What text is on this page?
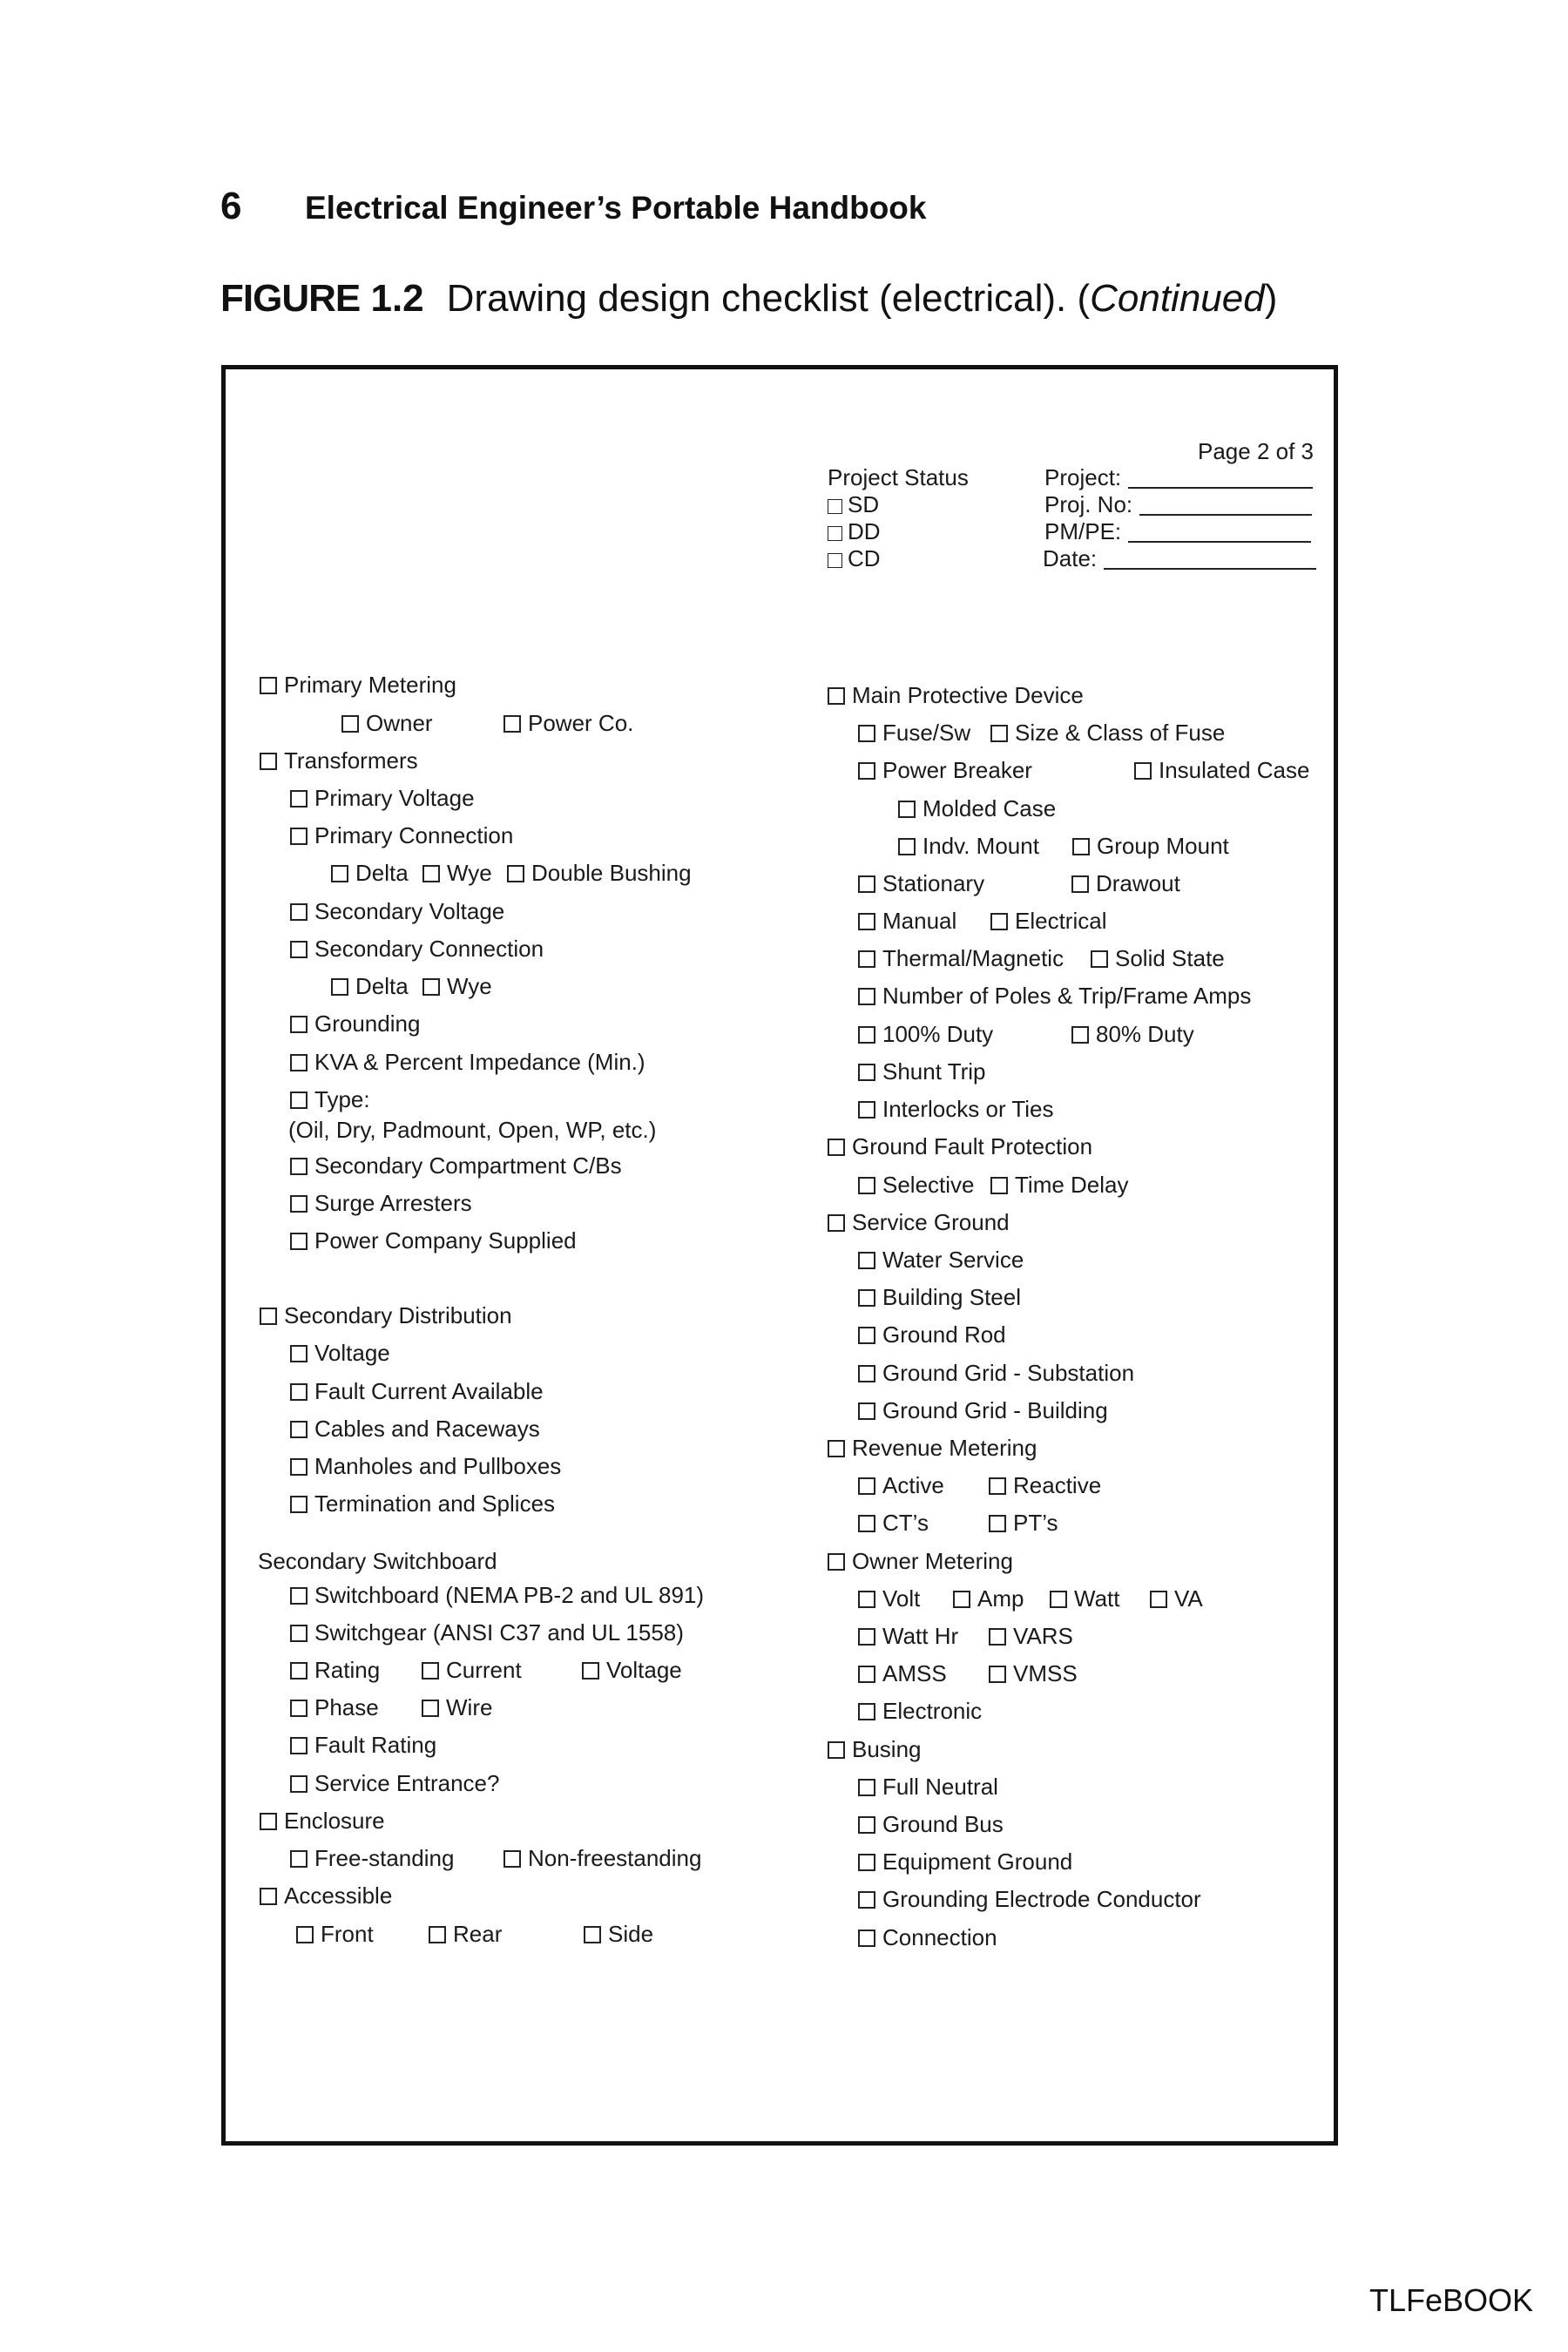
6 Electrical Engineer’s Portable Handbook
FIGURE 1.2 Drawing design checklist (electrical). (Continued)
Page 2 of 3
Project Status
SD
DD
CD
Project:
Proj. No:
PM/PE:
Date:
Primary Metering
Owner	Power Co.
Transformers
Primary Voltage
Primary Connection
Delta	Wye	Double Bushing
Secondary Voltage
Secondary Connection
Delta	Wye
Grounding
KVA & Percent Impedance (Min.)
Type:
(Oil, Dry, Padmount, Open, WP, etc.)
Secondary Compartment C/Bs
Surge Arresters
Power Company Supplied
Secondary Distribution
Voltage
Fault Current Available
Cables and Raceways
Manholes and Pullboxes
Termination and Splices
Secondary Switchboard
Switchboard (NEMA PB-2 and UL 891)
Switchgear (ANSI C37 and UL 1558)
Rating	Current	Voltage
Phase	Wire
Fault Rating
Service Entrance?
Enclosure
Free-standing	Non-freestanding
Accessible
Front	Rear	Side
Main Protective Device
Fuse/Sw	Size & Class of Fuse
Power Breaker	Insulated Case
Molded Case
Indv. Mount	Group Mount
Stationary	Drawout
Manual	Electrical
Thermal/Magnetic	Solid State
Number of Poles & Trip/Frame Amps
100% Duty	80% Duty
Shunt Trip
Interlocks or Ties
Ground Fault Protection
Selective	Time Delay
Service Ground
Water Service
Building Steel
Ground Rod
Ground Grid - Substation
Ground Grid - Building
Revenue Metering
Active	Reactive
CT’s	PT’s
Owner Metering
Volt	Amp	Watt	VA
Watt Hr	VARS
AMSS	VMSS
Electronic
Busing
Full Neutral
Ground Bus
Equipment Ground
Grounding Electrode Conductor
Connection
TLFeBOOK
